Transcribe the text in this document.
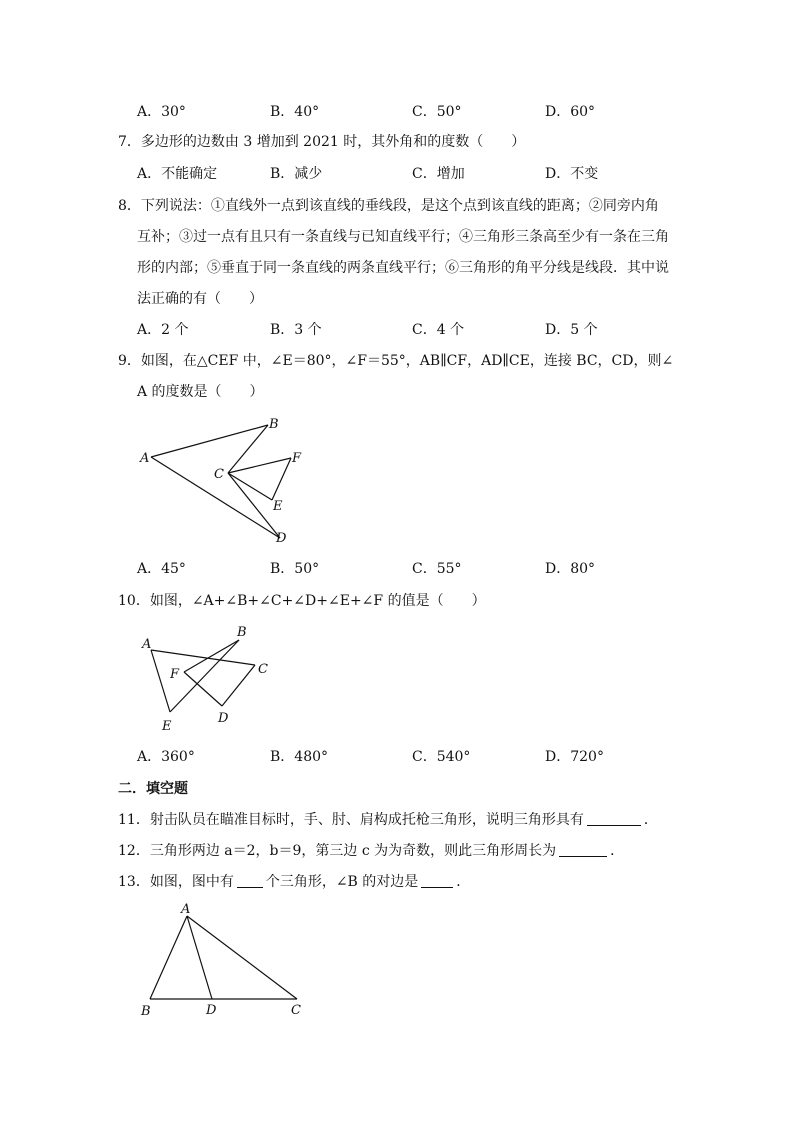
A．30°	B．40°	C．50°	D．60°
7．多边形的边数由 3 增加到 2021 时，其外角和的度数（　　）
A．不能确定	B．减少	C．增加	D．不变
8．下列说法：①直线外一点到该直线的垂线段，是这个点到该直线的距离；②同旁内角
互补；③过一点有且只有一条直线与已知直线平行；④三角形三条高至少有一条在三角
形的内部；⑤垂直于同一条直线的两条直线平行；⑥三角形的角平分线是线段．其中说
法正确的有（　　）
A．2 个	B．3 个	C．4 个	D．5 个
9．如图，在△CEF 中，∠E＝80°，∠F＝55°，AB∥CF，AD∥CE，连接 BC，CD，则∠
A 的度数是（　　）
A
B
C
D
E
F
A
B
C
D
E
F
A
B	D	C
A．45°	B．50°	C．55°	D．80°
10．如图，∠A+∠B+∠C+∠D+∠E+∠F 的值是（　　）
A．360°	B．480°	C．540°	D．720°
二．填空题
11．射击队员在瞄准目标时，手、肘、肩构成托枪三角形，说明三角形具有	．
12．三角形两边 a＝2，b＝9，第三边 c 为为奇数，则此三角形周长为	．
13．如图，图中有 个三角形，∠B 的对边是	．
